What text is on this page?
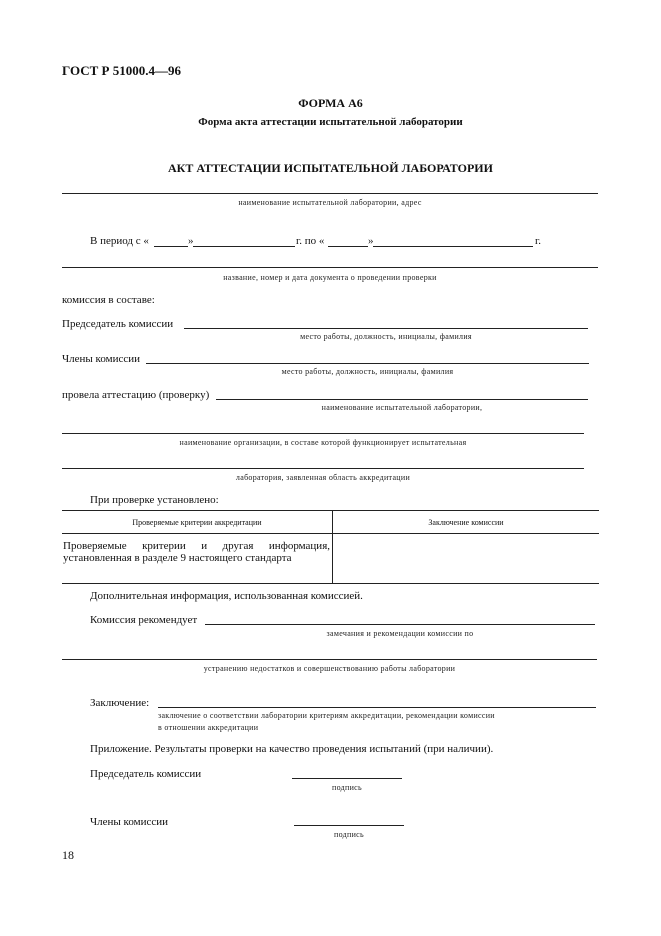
ГОСТ Р 51000.4—96
ФОРМА А6
Форма акта аттестации испытательной лаборатории
АКТ АТТЕСТАЦИИ ИСПЫТАТЕЛЬНОЙ ЛАБОРАТОРИИ
наименование испытательной лаборатории, адрес
В период с «	»	г. по «	»	г.
название, номер и дата документа о проведении проверки
комиссия в составе:
Председатель комиссии
место работы, должность, инициалы, фамилия
Члены комиссии
место работы, должность, инициалы, фамилия
провела аттестацию (проверку)
наименование испытательной лаборатории,
наименование организации, в составе которой функционирует испытательная
лаборатория, заявленная область аккредитации
При проверке установлено:
Проверяемые критерии аккредитации	Заключение комиссии

Проверяемые критерии и другая информация,
установленная в разделе 9 настоящего стандарта	

Дополнительная информация, использованная комиссией.
Комиссия рекомендует
замечания и рекомендации комиссии по
устранению недостатков и совершенствованию работы лаборатории
Заключение:
заключение о соответствии лаборатории критериям аккредитации, рекомендации комиссии
в отношении аккредитации
Приложение. Результаты проверки на качество проведения испытаний (при наличии).
Председатель комиссии
подпись
Члены комиссии
подпись
18
